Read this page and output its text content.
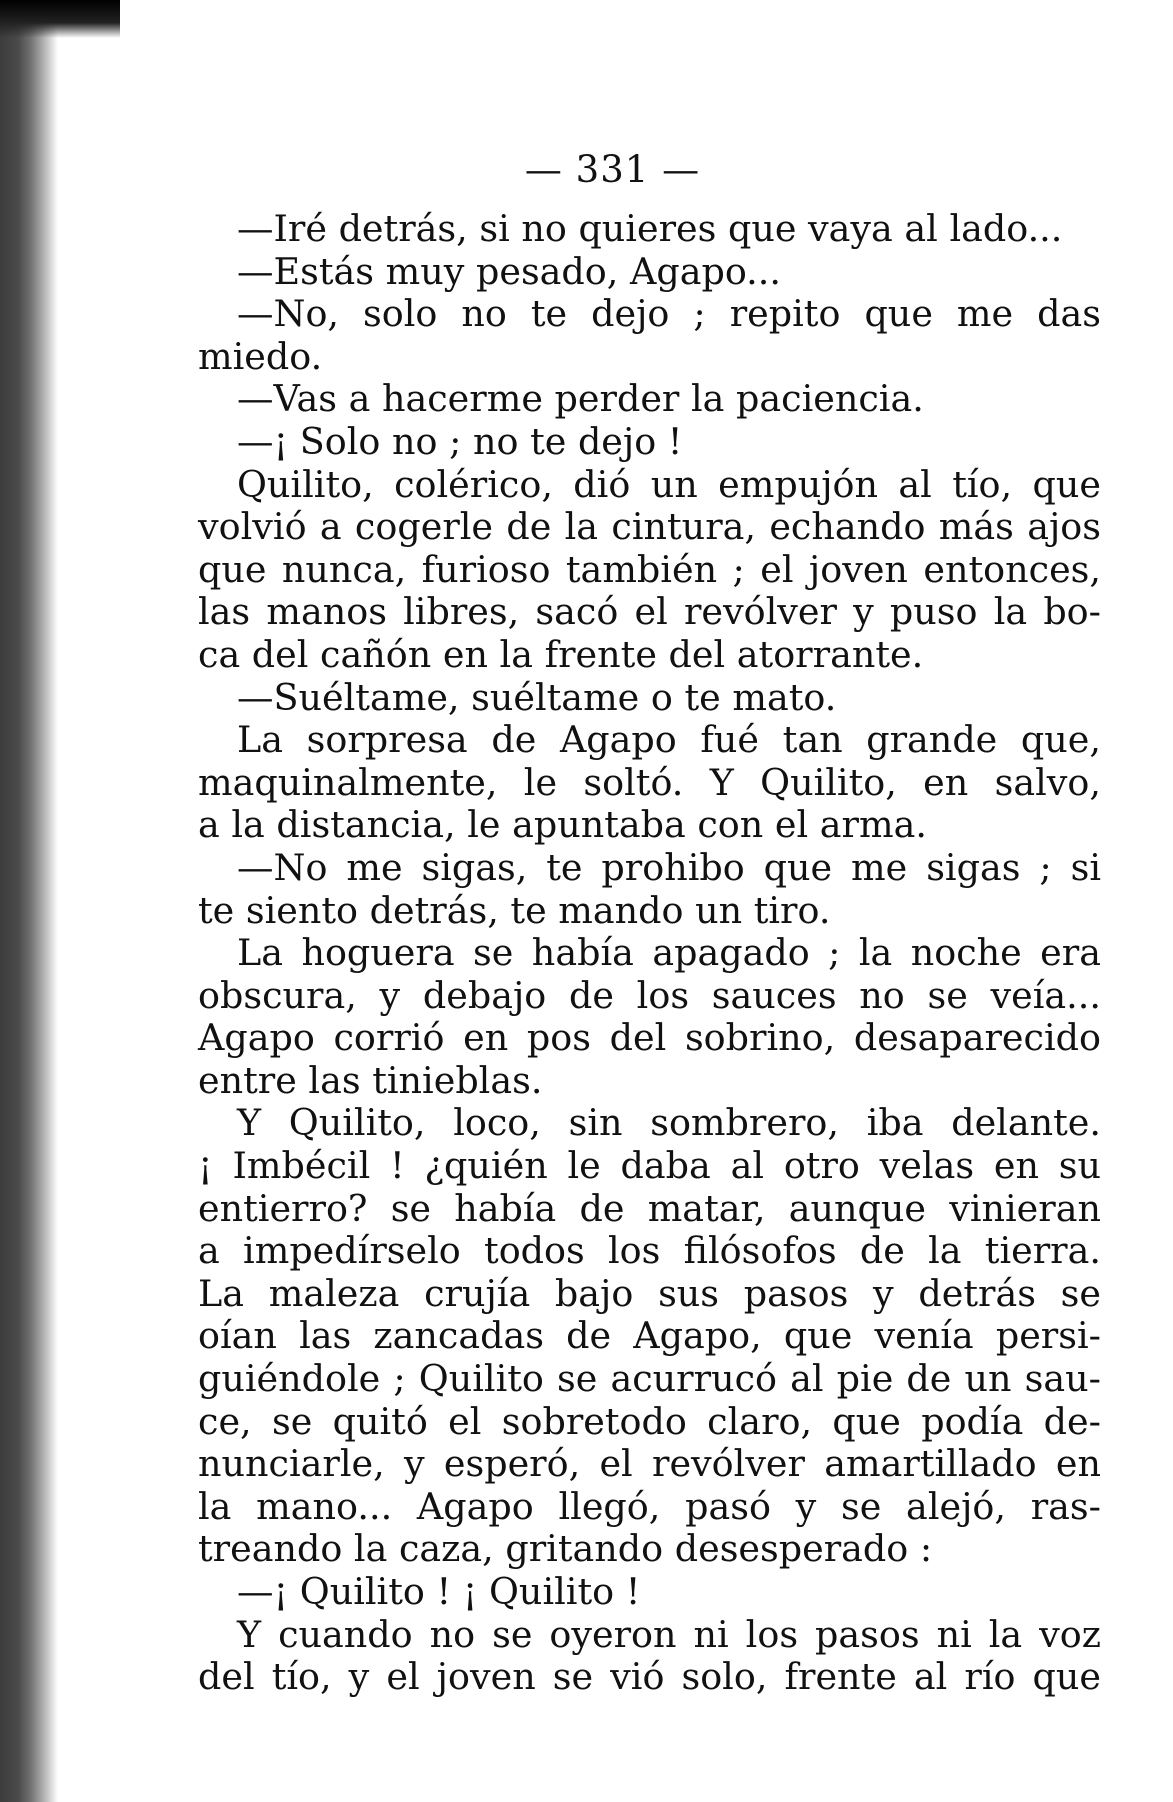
— 331 —
—Iré detrás, si no quieres que vaya al lado...
—Estás muy pesado, Agapo...
—No, solo no te dejo ; repito que me das
miedo.
—Vas a hacerme perder la paciencia.
—¡ Solo no ; no te dejo !
Quilito, colérico, dió un empujón al tío, que
volvió a cogerle de la cintura, echando más ajos
que nunca, furioso también ; el joven entonces,
las manos libres, sacó el revólver y puso la bo-
ca del cañón en la frente del atorrante.
—Suéltame, suéltame o te mato.
La sorpresa de Agapo fué tan grande que,
maquinalmente, le soltó. Y Quilito, en salvo,
a la distancia, le apuntaba con el arma.
—No me sigas, te prohibo que me sigas ; si
te siento detrás, te mando un tiro.
La hoguera se había apagado ; la noche era
obscura, y debajo de los sauces no se veía...
Agapo corrió en pos del sobrino, desaparecido
entre las tinieblas.
Y Quilito, loco, sin sombrero, iba delante.
¡ Imbécil ! ¿quién le daba al otro velas en su
entierro? se había de matar, aunque vinieran
a impedírselo todos los filósofos de la tierra.
La maleza crujía bajo sus pasos y detrás se
oían las zancadas de Agapo, que venía persi-
guiéndole ; Quilito se acurrucó al pie de un sau-
ce, se quitó el sobretodo claro, que podía de-
nunciarle, y esperó, el revólver amartillado en
la mano... Agapo llegó, pasó y se alejó, ras-
treando la caza, gritando desesperado :
—¡ Quilito ! ¡ Quilito !
Y cuando no se oyeron ni los pasos ni la voz
del tío, y el joven se vió solo, frente al río que
